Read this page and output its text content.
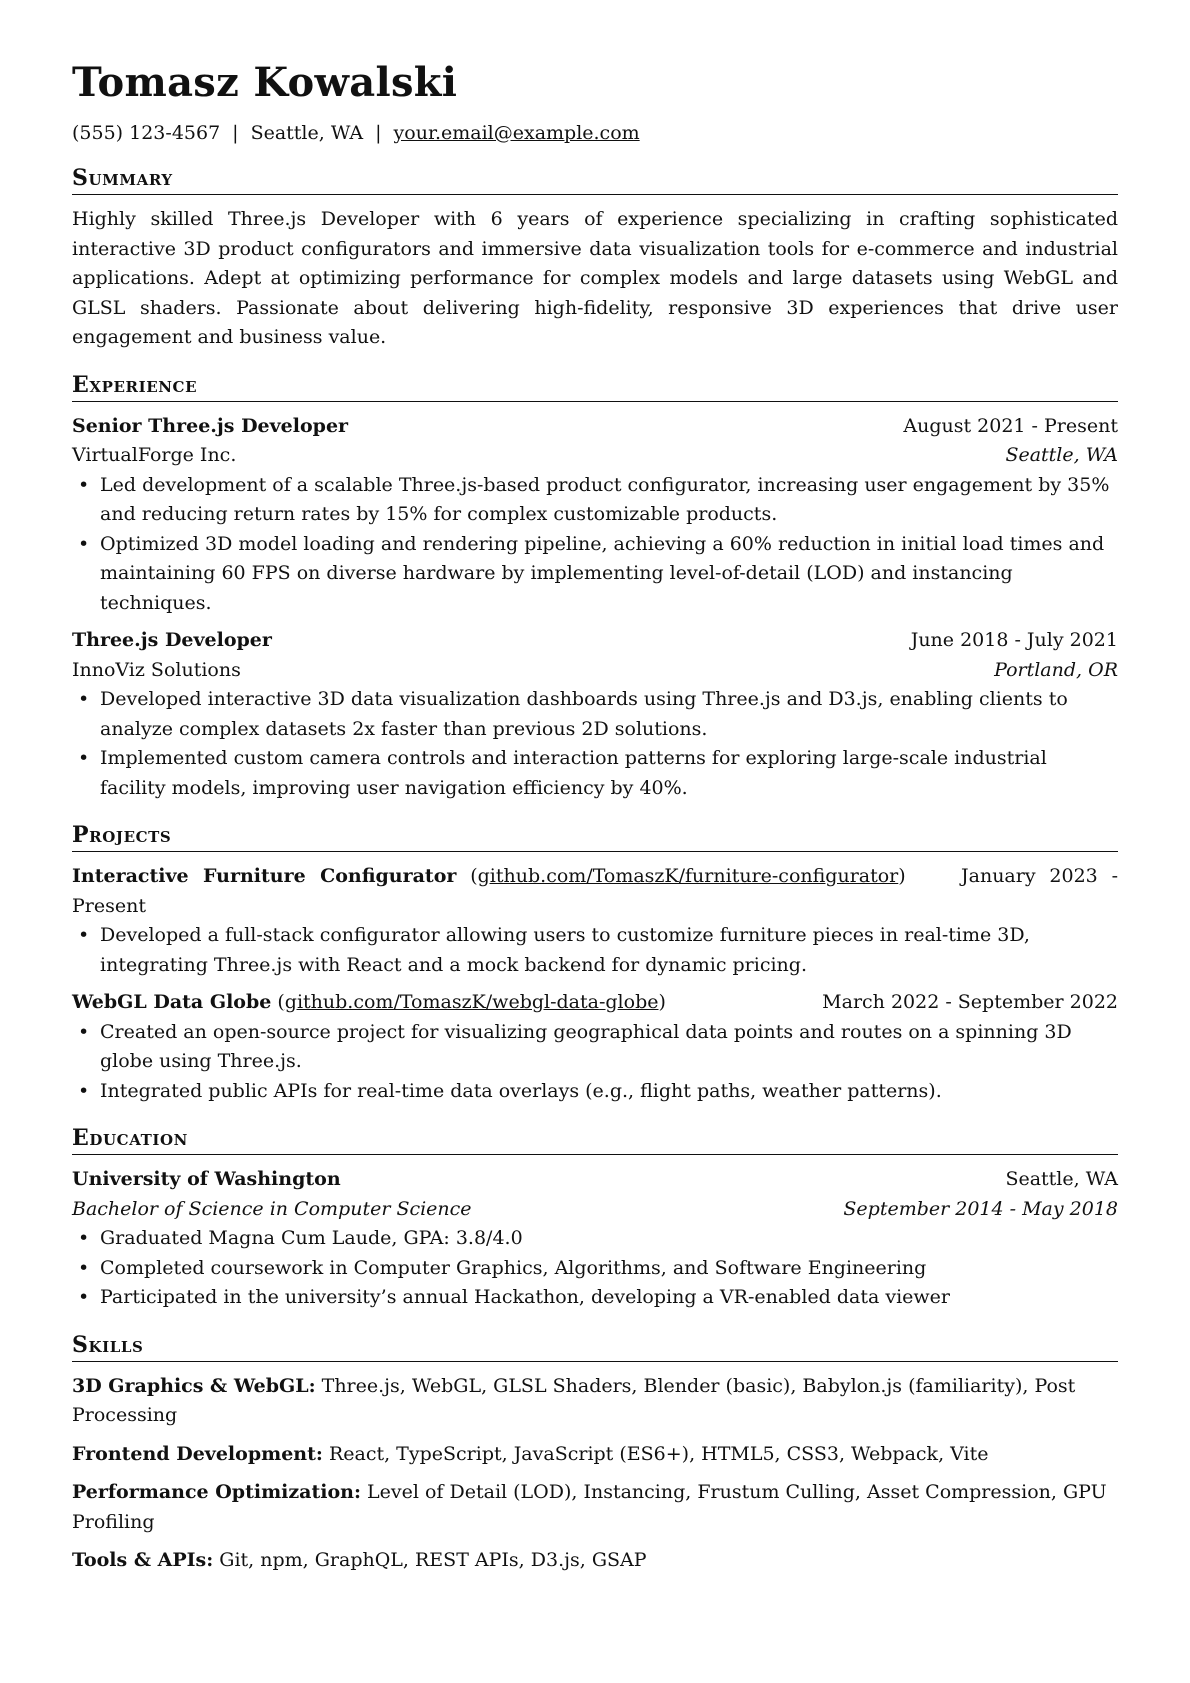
Tomasz Kowalski
(555) 123-4567 | Seattle, WA | your.email@example.com
Summary
Highly skilled Three.js Developer with 6 years of experience specializing in crafting sophisticated interactive 3D product configurators and immersive data visualization tools for e-commerce and industrial applications. Adept at optimizing performance for complex models and large datasets using WebGL and GLSL shaders. Passionate about delivering high-fidelity, responsive 3D experiences that drive user engagement and business value.
Experience
Senior Three.js Developer	August 2021 - Present
VirtualForge Inc.	Seattle, WA
• Led development of a scalable Three.js-based product configurator, increasing user engagement by 35% and reducing return rates by 15% for complex customizable products.
• Optimized 3D model loading and rendering pipeline, achieving a 60% reduction in initial load times and maintaining 60 FPS on diverse hardware by implementing level-of-detail (LOD) and instancing techniques.
Three.js Developer	June 2018 - July 2021
InnoViz Solutions	Portland, OR
• Developed interactive 3D data visualization dashboards using Three.js and D3.js, enabling clients to analyze complex datasets 2x faster than previous 2D solutions.
• Implemented custom camera controls and interaction patterns for exploring large-scale industrial facility models, improving user navigation efficiency by 40%.
Projects
Interactive Furniture Configurator (github.com/TomaszK/furniture-configurator)    January 2023 - Present
• Developed a full-stack configurator allowing users to customize furniture pieces in real-time 3D, integrating Three.js with React and a mock backend for dynamic pricing.
WebGL Data Globe (github.com/TomaszK/webgl-data-globe)	March 2022 - September 2022
• Created an open-source project for visualizing geographical data points and routes on a spinning 3D globe using Three.js.
• Integrated public APIs for real-time data overlays (e.g., flight paths, weather patterns).
Education
University of Washington	Seattle, WA
Bachelor of Science in Computer Science	September 2014 - May 2018
• Graduated Magna Cum Laude, GPA: 3.8/4.0
• Completed coursework in Computer Graphics, Algorithms, and Software Engineering
• Participated in the university’s annual Hackathon, developing a VR-enabled data viewer
Skills
3D Graphics & WebGL: Three.js, WebGL, GLSL Shaders, Blender (basic), Babylon.js (familiarity), Post Processing
Frontend Development: React, TypeScript, JavaScript (ES6+), HTML5, CSS3, Webpack, Vite
Performance Optimization: Level of Detail (LOD), Instancing, Frustum Culling, Asset Compression, GPU Profiling
Tools & APIs: Git, npm, GraphQL, REST APIs, D3.js, GSAP
